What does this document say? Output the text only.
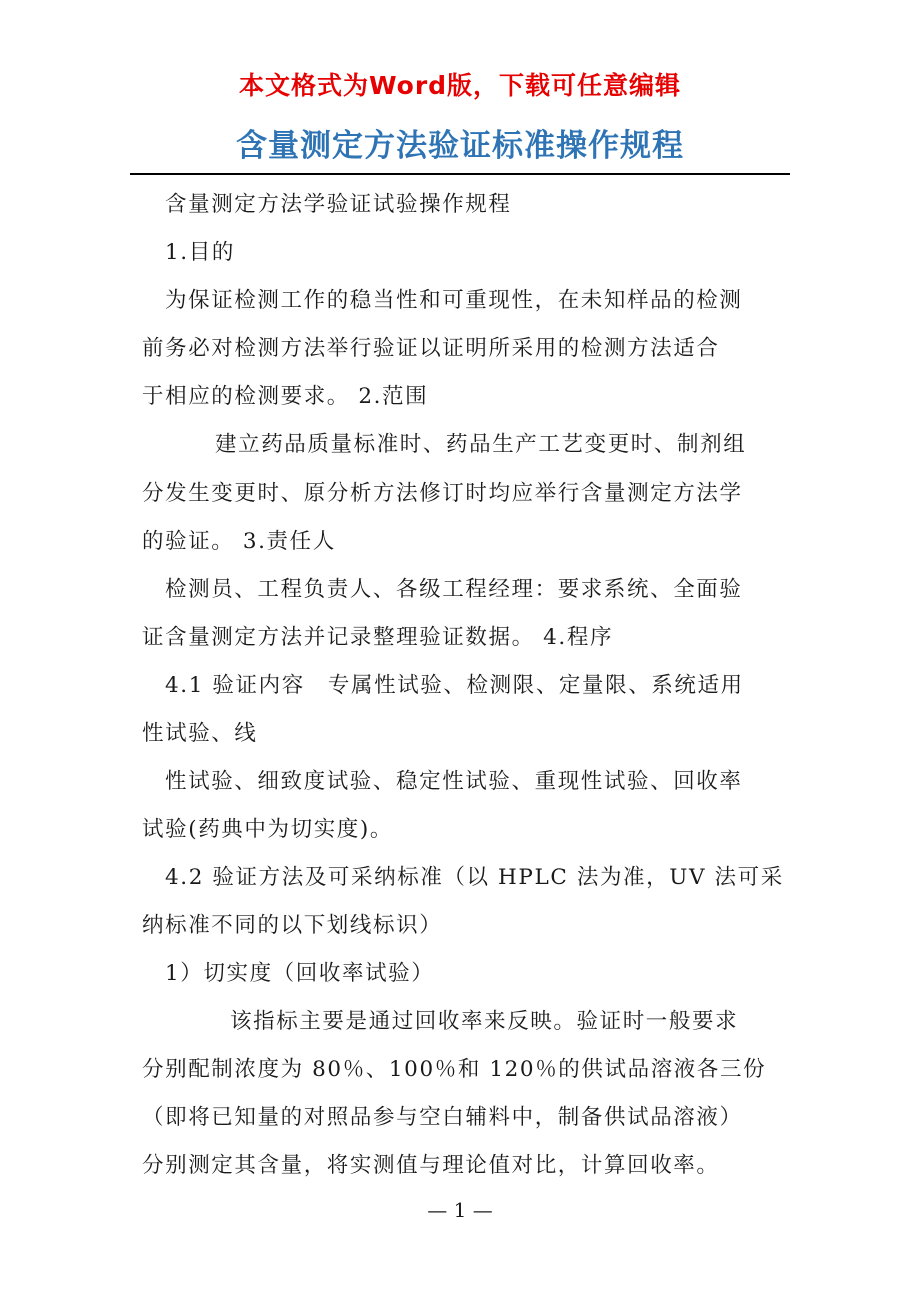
本文格式为Word版，下载可任意编辑
含量测定方法验证标准操作规程
含量测定方法学验证试验操作规程
1.目的
为保证检测工作的稳当性和可重现性，在未知样品的检测
前务必对检测方法举行验证以证明所采用的检测方法适合
于相应的检测要求。 2.范围
建立药品质量标准时、药品生产工艺变更时、制剂组
分发生变更时、原分析方法修订时均应举行含量测定方法学
的验证。 3.责任人
检测员、工程负责人、各级工程经理：要求系统、全面验
证含量测定方法并记录整理验证数据。 4.程序
4.1 验证内容　专属性试验、检测限、定量限、系统适用
性试验、线
性试验、细致度试验、稳定性试验、重现性试验、回收率
试验(药典中为切实度)。
4.2 验证方法及可采纳标准（以 HPLC 法为准，UV 法可采
纳标准不同的以下划线标识）
1）切实度（回收率试验）
该指标主要是通过回收率来反映。验证时一般要求
分别配制浓度为 80％、100％和 120％的供试品溶液各三份
（即将已知量的对照品参与空白辅料中，制备供试品溶液）
分别测定其含量，将实测值与理论值对比，计算回收率。
— 1 —
